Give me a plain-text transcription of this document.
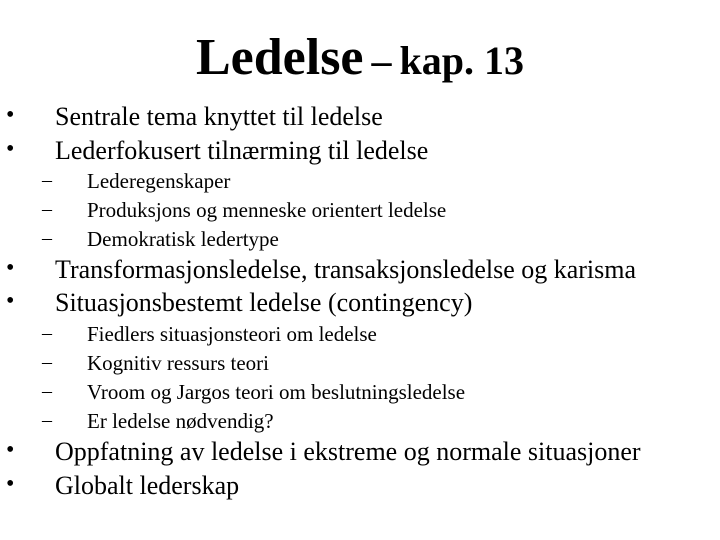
Ledelse – kap. 13
• Sentrale tema knyttet til ledelse
• Lederfokusert tilnærming til ledelse
– Lederegenskaper
– Produksjons og menneske orientert ledelse
– Demokratisk ledertype
• Transformasjonsledelse, transaksjonsledelse og karisma
• Situasjonsbestemt ledelse (contingency)
– Fiedlers situasjonsteori om ledelse
– Kognitiv ressurs teori
– Vroom og Jargos teori om beslutningsledelse
– Er ledelse nødvendig?
• Oppfatning av ledelse i ekstreme og normale situasjoner
• Globalt lederskap
